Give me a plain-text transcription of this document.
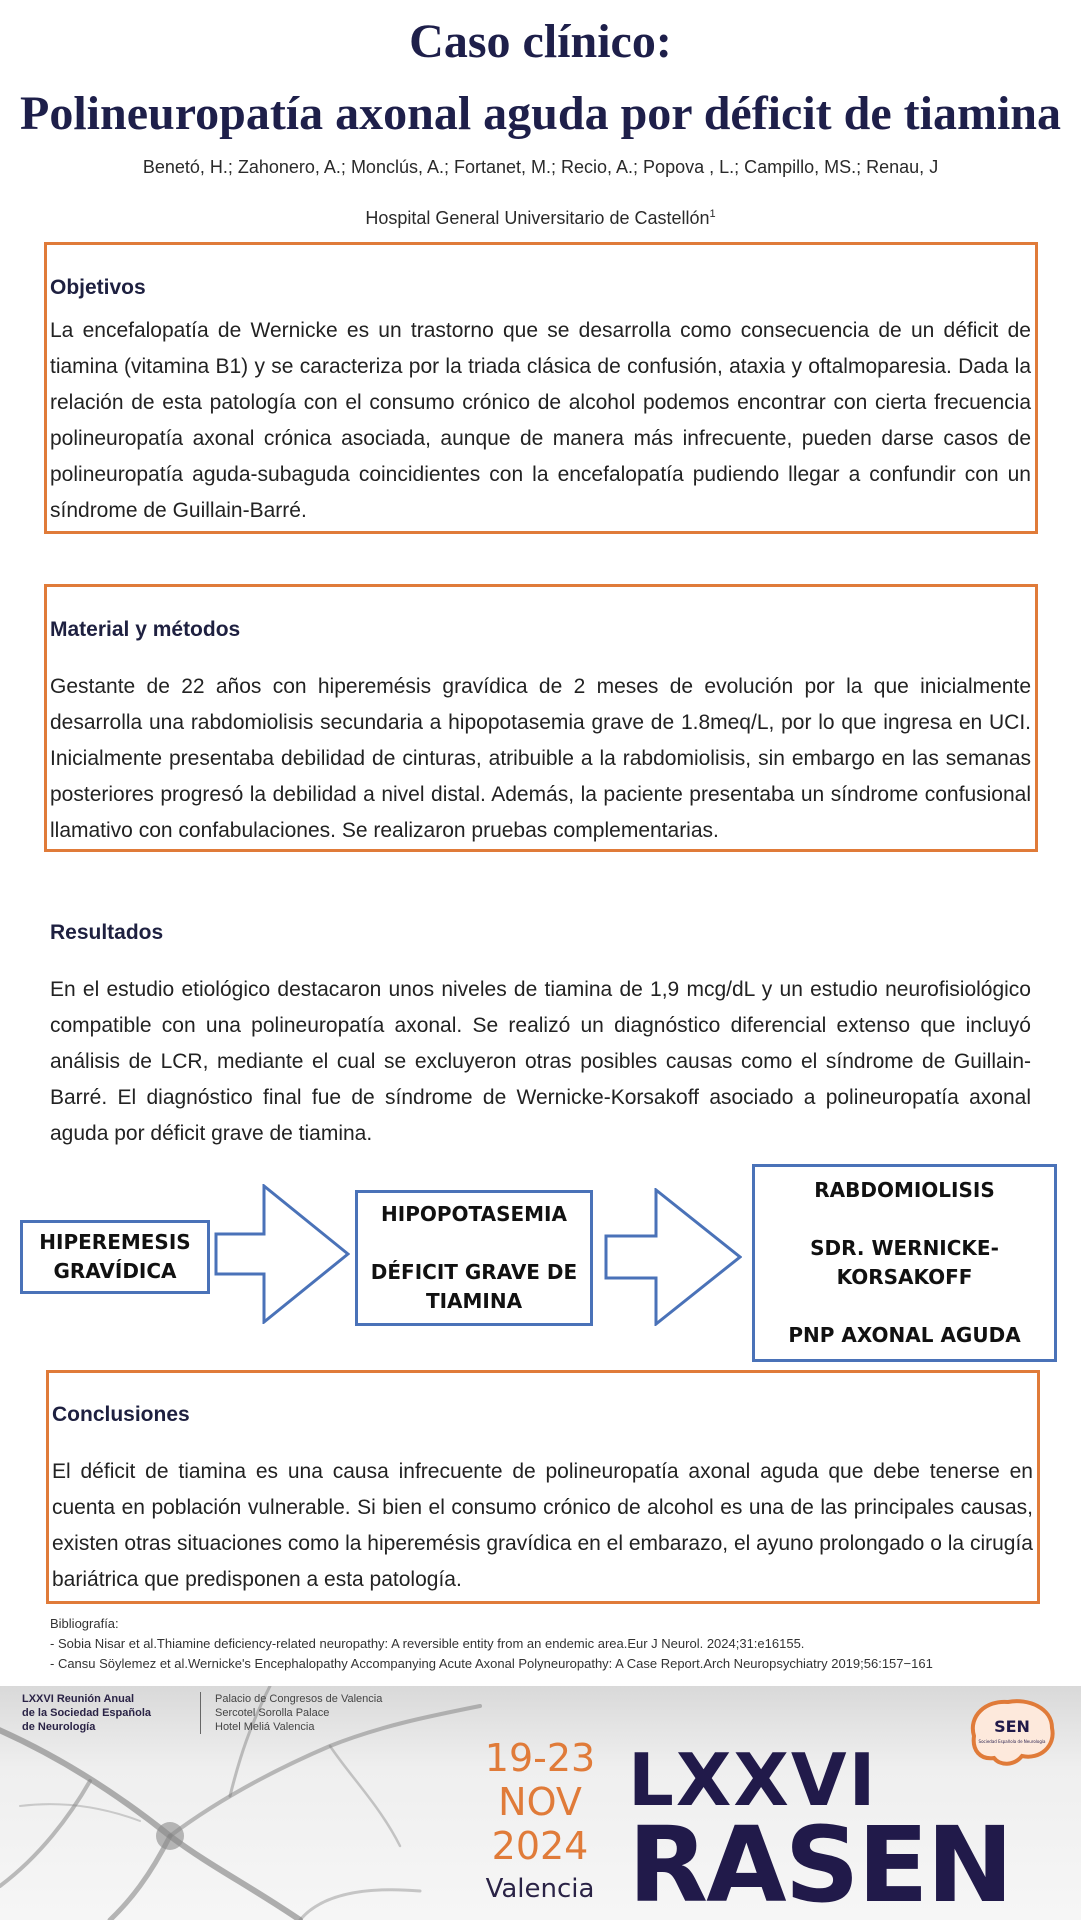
Caso clínico:
Polineuropatía axonal aguda por déficit de tiamina
Benetó, H.; Zahonero, A.; Monclús, A.; Fortanet, M.; Recio, A.; Popova , L.; Campillo, MS.; Renau, J
Hospital General Universitario de Castellón$^1$
Objetivos
La encefalopatía de Wernicke es un trastorno que se desarrolla como consecuencia de un déficit de tiamina (vitamina B1) y se caracteriza por la triada clásica de confusión, ataxia y oftalmoparesia. Dada la relación de esta patología con el consumo crónico de alcohol podemos encontrar con cierta frecuencia polineuropatía axonal crónica asociada, aunque de manera más infrecuente, pueden darse casos de polineuropatía aguda-subaguda coincidientes con la encefalopatía pudiendo llegar a confundir con un síndrome de Guillain-Barré.
Material y métodos
Gestante de 22 años con hiperemésis gravídica de 2 meses de evolución por la que inicialmente desarrolla una rabdomiolisis secundaria a hipopotasemia grave de 1.8meq/L, por lo que ingresa en UCI. Inicialmente presentaba debilidad de cinturas, atribuible a la rabdomiolisis, sin embargo en las semanas posteriores progresó la debilidad a nivel distal. Además, la paciente presentaba un síndrome confusional llamativo con confabulaciones. Se realizaron pruebas complementarias.
Resultados
En el estudio etiológico destacaron unos niveles de tiamina de 1,9 mcg/dL y un estudio neurofisiológico compatible con una polineuropatía axonal. Se realizó un diagnóstico diferencial extenso que incluyó análisis de LCR, mediante el cual se excluyeron otras posibles causas como el síndrome de Guillain-Barré. El diagnóstico final fue de síndrome de Wernicke-Korsakoff asociado a polineuropatía axonal aguda por déficit grave de tiamina.
HIPEREMESIS
GRAVÍDICA
HIPOPOTASEMIA
DÉFICIT GRAVE DE
TIAMINA
RABDOMIOLISIS
SDR. WERNICKE-
KORSAKOFF
PNP AXONAL AGUDA
Conclusiones
El déficit de tiamina es una causa infrecuente de polineuropatía axonal aguda que debe tenerse en cuenta en población vulnerable. Si bien el consumo crónico de alcohol es una de las principales causas, existen otras situaciones como la hiperemésis gravídica en el embarazo, el ayuno prolongado o la cirugía bariátrica que predisponen a esta patología.
Bibliografía:
- Sobia Nisar et al.Thiamine deficiency-related neuropathy: A reversible entity from an endemic area.Eur J Neurol. 2024;31:e16155.
- Cansu Söylemez et al.Wernicke's Encephalopathy Accompanying Acute Axonal Polyneuropathy: A Case Report.Arch Neuropsychiatry 2019;56:157−161
LXXVI Reunión Anual
de la Sociedad Española
de Neurología
Palacio de Congresos de Valencia
Sercotel Sorolla Palace
Hotel Meliá Valencia
19-23
NOV
2024
Valencia
LXXVI
RASEN
SEN
Sociedad Española de Neurología
